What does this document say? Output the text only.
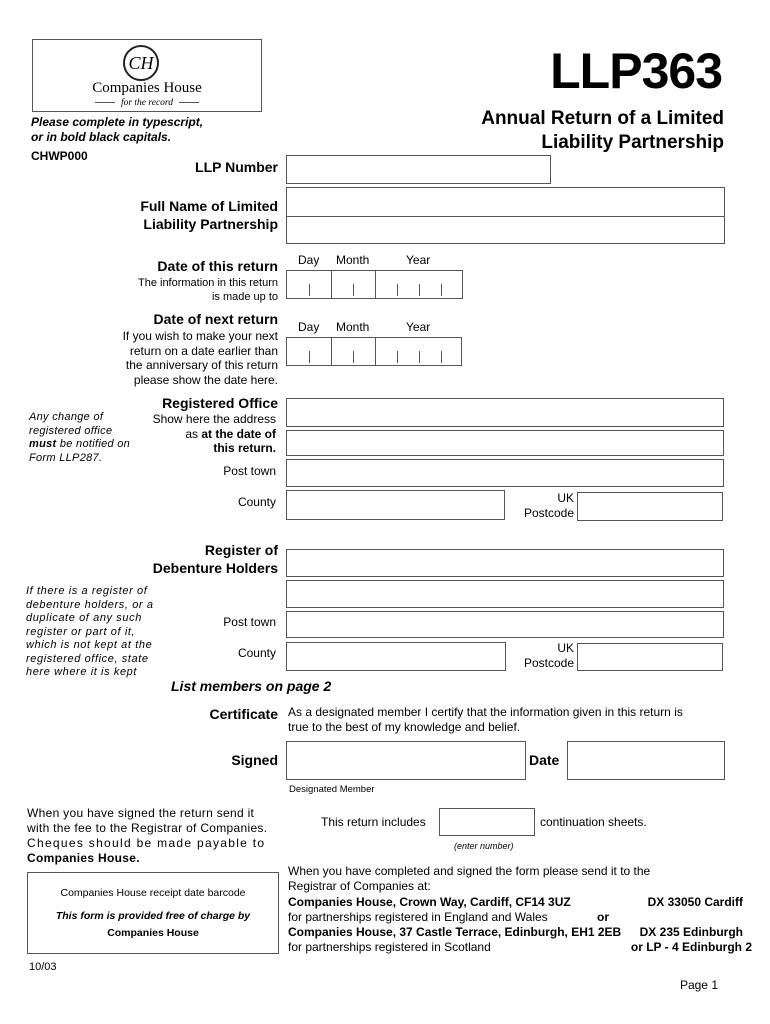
CH
Companies House
for the record
LLP363
Annual Return of a Limited
Liability Partnership
Please complete in typescript,
or in bold black capitals.
CHWP000
LLP Number
Full Name of Limited
Liability Partnership
Date of this return
The information in this return
is made up to
Day Month	Year
Date of next return
If you wish to make your next
return on a date earlier than
the anniversary of this return
please show the date here.
Day Month	Year
Any change of
registered office
must be notified on
Form LLP287.
Registered Office
Show here the address
as at the date of
this return.
Post town
County	UK
Postcode
Register of
Debenture Holders
If there is a register of
debenture holders, or a
duplicate of any such
register or part of it,
which is not kept at the
registered office, state
here where it is kept
Post town
County	UK
Postcode
List members on page 2
Certificate As a designated member I certify that the information given in this return is
true to the best of my knowledge and belief.
Signed	Date
Designated Member
When you have signed the return send it
with the fee to the Registrar of Companies.
Cheques should be made payable to
Companies House.
Companies House receipt date barcode
This form is provided free of charge by
Companies House
10/03
This return includes	continuation sheets.
(enter number)
When you have completed and signed the form please send it to the
Registrar of Companies at:
Companies House, Crown Way, Cardiff, CF14 3UZ	DX 33050 Cardiff
for partnerships registered in England and Wales	or
Companies House, 37 Castle Terrace, Edinburgh, EH1 2EB DX 235 Edinburgh
for partnerships registered in Scotland	or LP - 4 Edinburgh 2
Page 1
